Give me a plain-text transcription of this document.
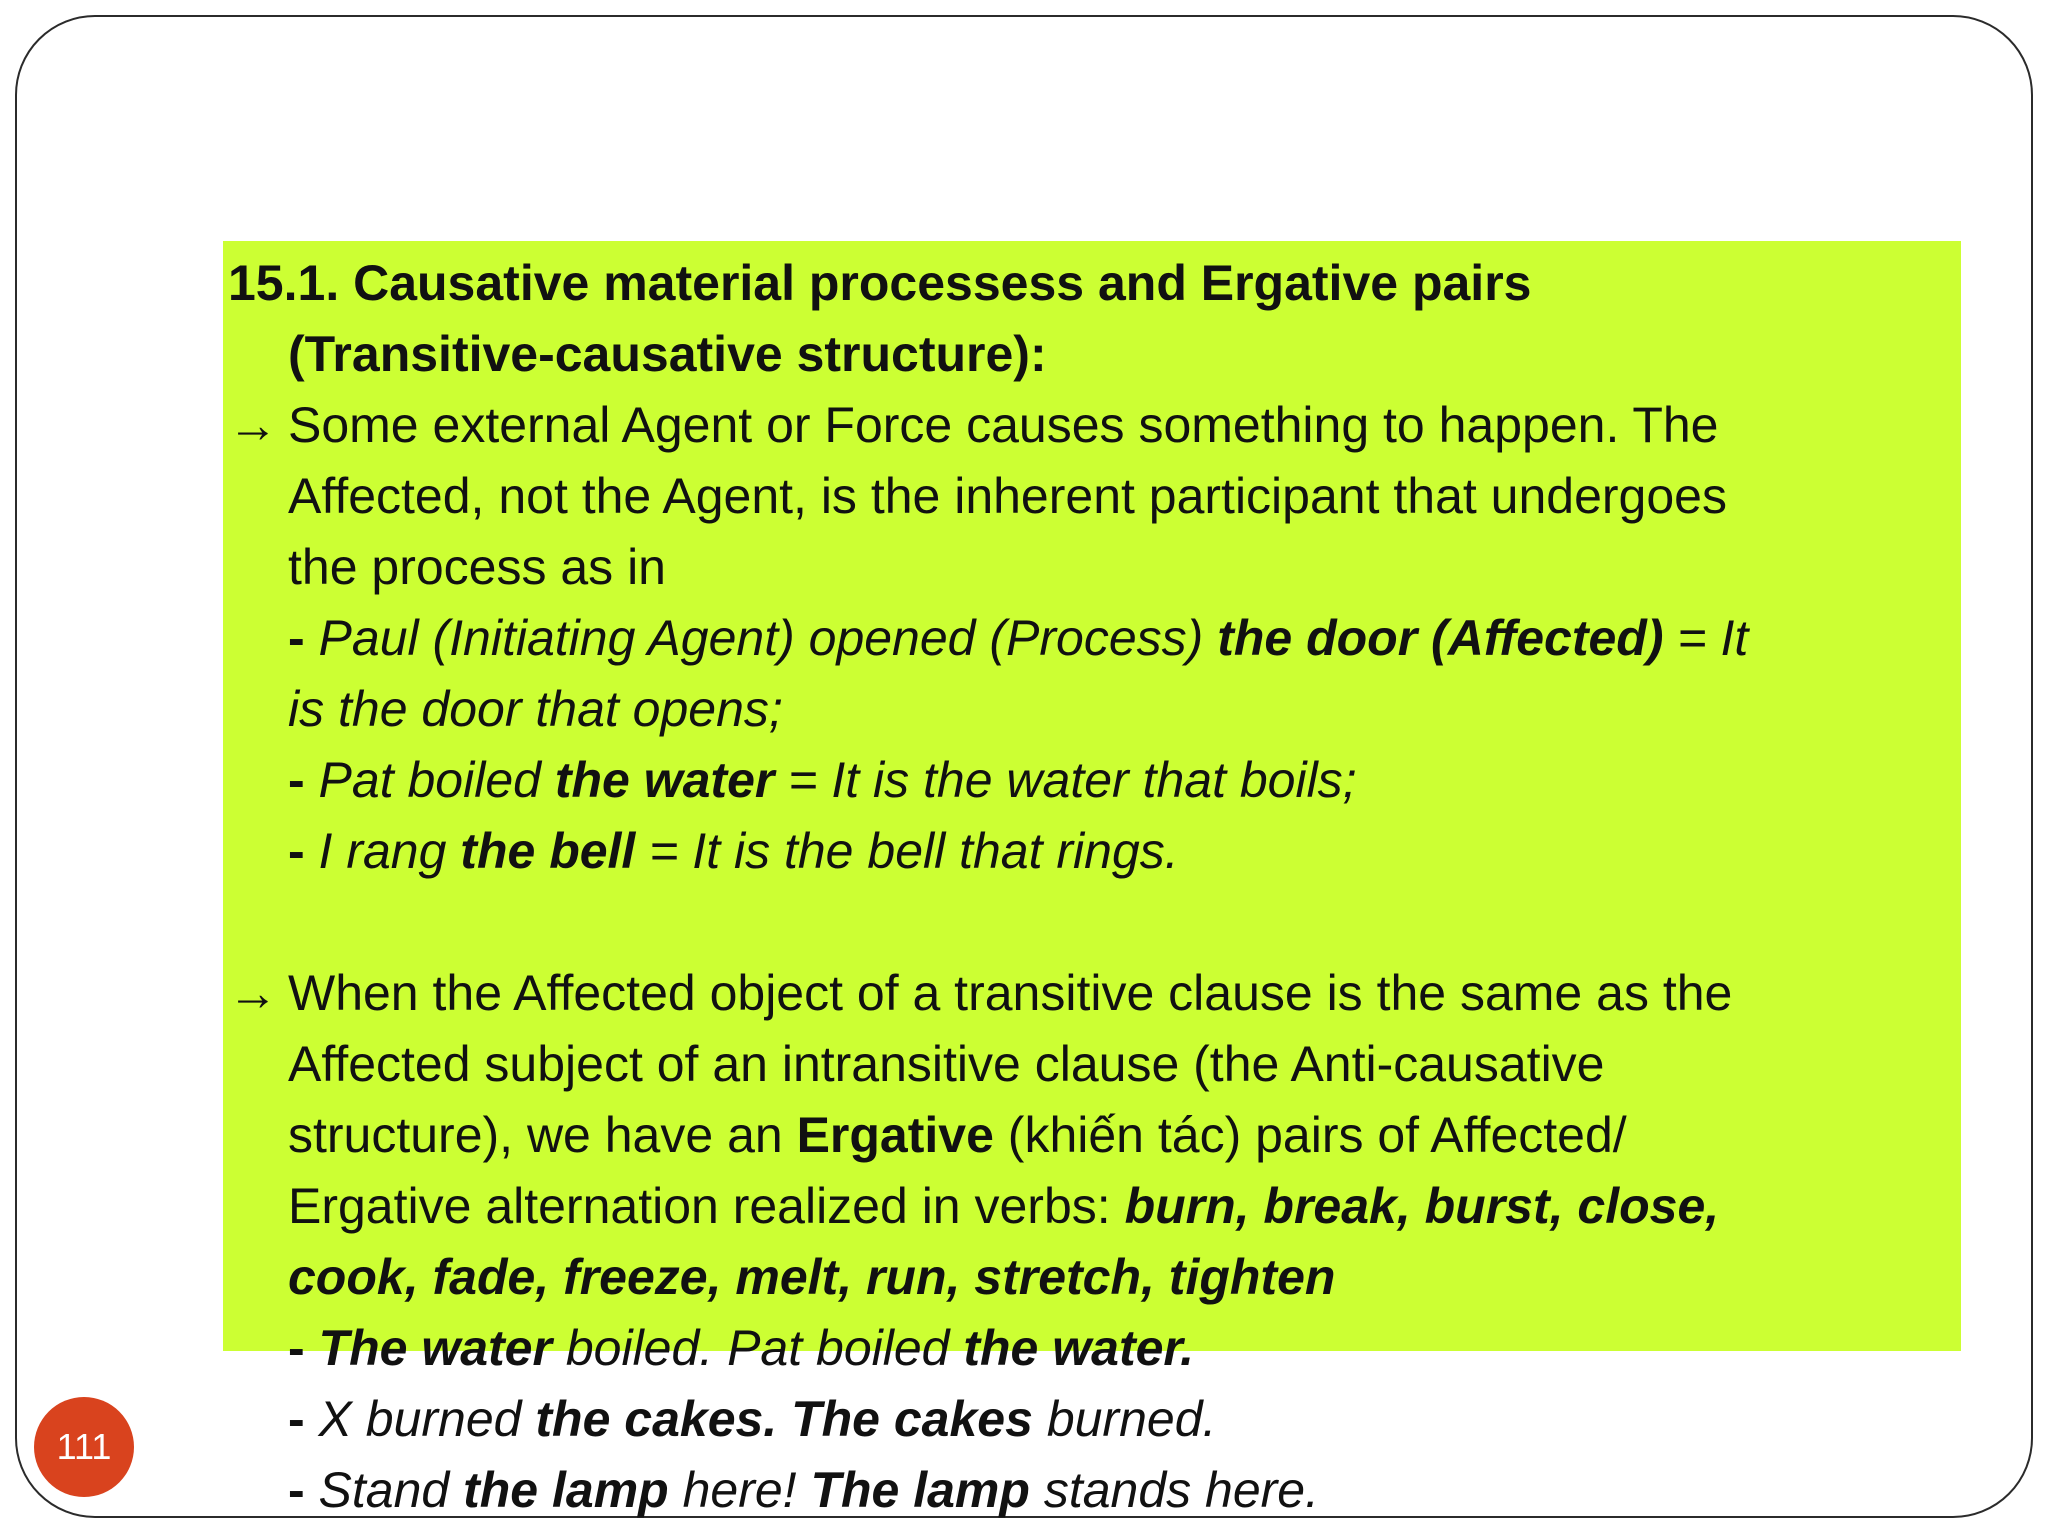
15.1. Causative material processess and Ergative pairs

(Transitive-causative structure):

→ Some external Agent or Force causes something to happen. The

Affected, not the Agent, is the inherent participant that undergoes

the process as in

- Paul (Initiating Agent) opened (Process) the door (Affected) = It

is the door that opens;

- Pat boiled the water = It is the water that boils;

- I rang the bell = It is the bell that rings.

→ When the Affected object of a transitive clause is the same as the

Affected subject of an intransitive clause (the Anti-causative

structure), we have an Ergative (khiến tác) pairs of Affected/

Ergative alternation realized in verbs: burn, break, burst, close,

cook, fade, freeze, melt, run, stretch, tighten

- The water boiled. Pat boiled the water.

- X burned the cakes. The cakes burned.

- Stand the lamp here! The lamp stands here.

111
